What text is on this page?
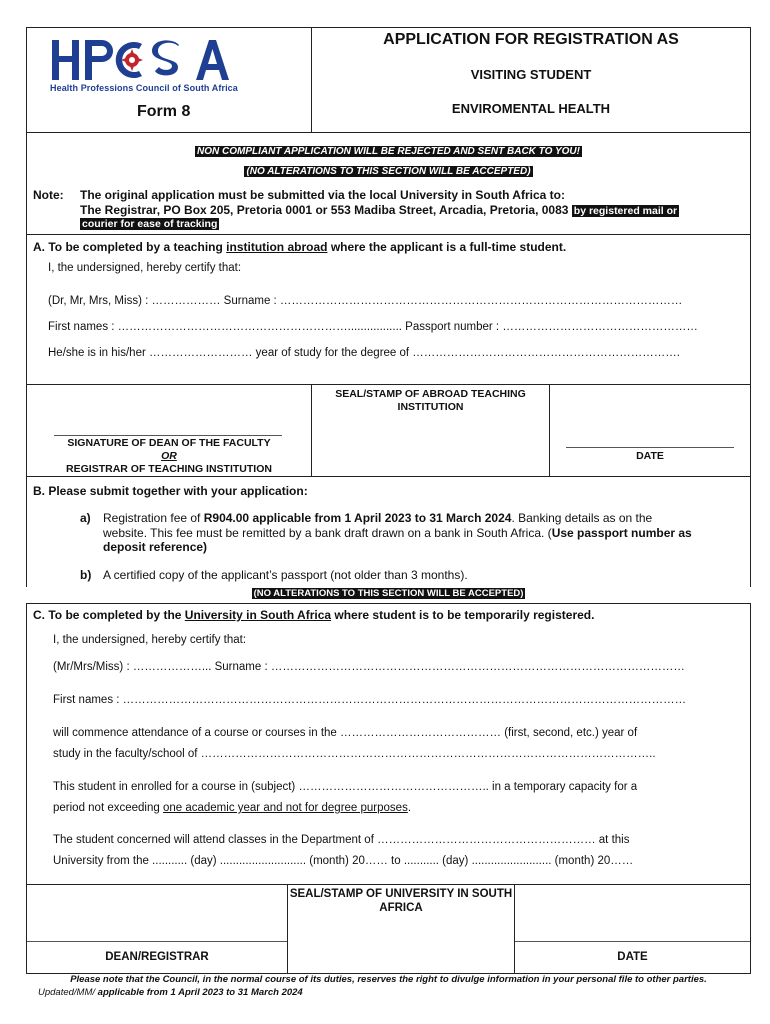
Health Professions Council of South Africa
Form 8
APPLICATION FOR REGISTRATION AS
VISITING STUDENT
ENVIROMENTAL HEALTH
NON COMPLIANT APPLICATION WILL BE REJECTED AND SENT BACK TO YOU!
(NO ALTERATIONS TO THIS SECTION WILL BE ACCEPTED)
Note: The original application must be submitted via the local University in South Africa to:
The Registrar, PO Box 205, Pretoria 0001 or 553 Madiba Street, Arcadia, Pretoria, 0083 by registered mail or
courier for ease of tracking
A. To be completed by a teaching institution abroad where the applicant is a full-time student.
I, the undersigned, hereby certify that:
(Dr, Mr, Mrs, Miss) : ……………… Surname : ……………………………………………………………………………………………
First names : ……………………………………………………................. Passport number : ……………………………………………
He/she is in his/her ……………………… year of study for the degree of …………………………………………………………….
SEAL/STAMP OF ABROAD TEACHING INSTITUTION
SIGNATURE OF DEAN OF THE FACULTY
OR
REGISTRAR OF TEACHING INSTITUTION
DATE
B. Please submit together with your application:
a) Registration fee of R904.00 applicable from 1 April 2023 to 31 March 2024. Banking details as on the
website. This fee must be remitted by a bank draft drawn on a bank in South Africa. (Use passport number as
deposit reference)
b) A certified copy of the applicant’s passport (not older than 3 months).
(NO ALTERATIONS TO THIS SECTION WILL BE ACCEPTED)
C. To be completed by the University in South Africa where student is to be temporarily registered.
I, the undersigned, hereby certify that:
(Mr/Mrs/Miss) : ………………... Surname : ………………………………………………………………………………………………
First names : …………………………………………………………………………………………………………………………………
will commence attendance of a course or courses in the …………………………………… (first, second, etc.) year of
study in the faculty/school of ………………………………………………………………………………………………………..
This student in enrolled for a course in (subject) ………………………………………….. in a temporary capacity for a
period not exceeding one academic year and not for degree purposes.
The student concerned will attend classes in the Department of ………………………………………………… at this
University from the ........... (day) ........................... (month) 20…… to ........... (day) ......................... (month) 20……
SEAL/STAMP OF UNIVERSITY IN SOUTH AFRICA
DEAN/REGISTRAR	DATE
Please note that the Council, in the normal course of its duties, reserves the right to divulge information in your personal file to other parties.
Updated/MM/ applicable from 1 April 2023 to 31 March 2024
